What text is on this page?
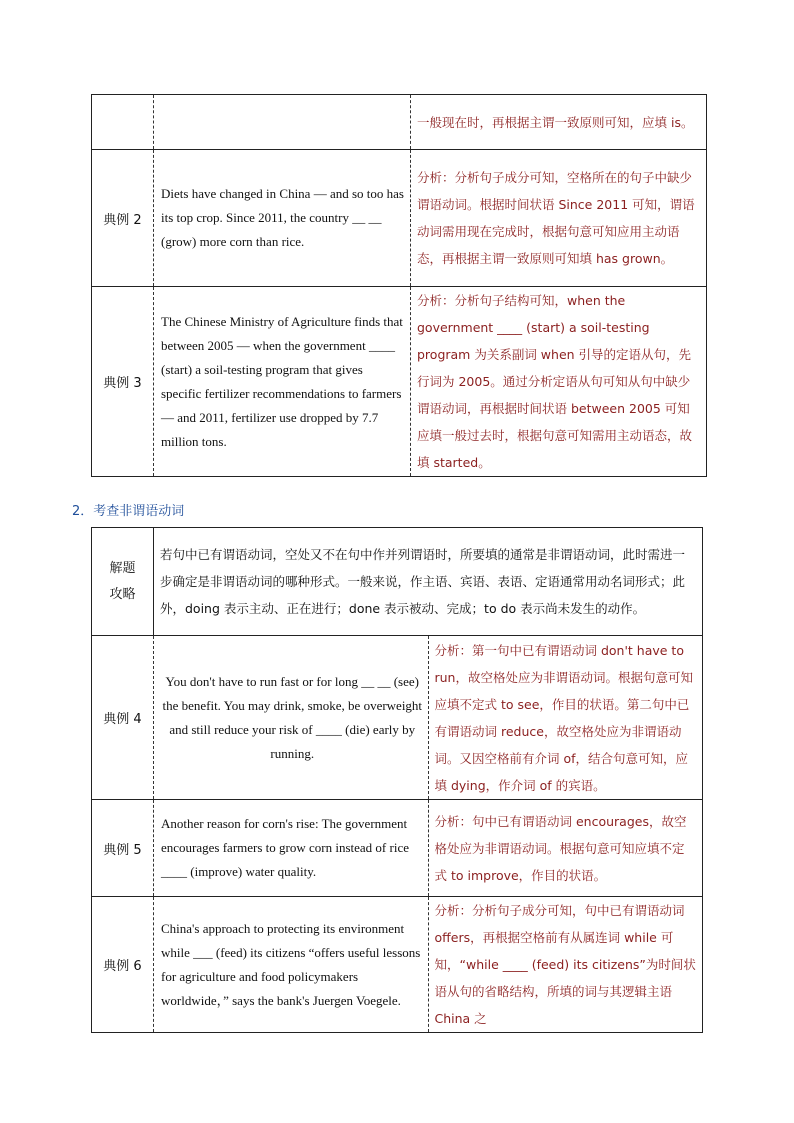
		一般现在时，再根据主谓一致原则可知，应填 is。

典例 2	Diets have changed in China — and so too has its top crop. Since 2011, the country __ __ (grow) more corn than rice.	分析：分析句子成分可知，空格所在的句子中缺少谓语动词。根据时间状语 Since 2011 可知，谓语动词需用现在完成时，根据句意可知应用主动语态，再根据主谓一致原则可知填 has grown。

典例 3	The Chinese Ministry of Agriculture finds that between 2005 — when the government ____ (start) a soil-testing program that gives specific fertilizer recommendations to farmers — and 2011, fertilizer use dropped by 7.7 million tons.	分析：分析句子结构可知，when the government ____ (start) a soil-testing program 为关系副词 when 引导的定语从句，先行词为 2005。通过分析定语从句可知从句中缺少谓语动词，再根据时间状语 between 2005 可知应填一般过去时，根据句意可知需用主动语态，故填 started。
2．考查非谓语动词
解题攻略	若句中已有谓语动词，空处又不在句中作并列谓语时，所要填的通常是非谓语动词，此时需进一步确定是非谓语动词的哪种形式。一般来说，作主语、宾语、表语、定语通常用动名词形式；此外，doing 表示主动、正在进行；done 表示被动、完成；to do 表示尚未发生的动作。	

典例 4	You don't have to run fast or for long __ __ (see) the benefit. You may drink, smoke, be overweight and still reduce your risk of ____ (die) early by running.	分析：第一句中已有谓语动词 don't have to run，故空格处应为非谓语动词。根据句意可知应填不定式 to see，作目的状语。第二句中已有谓语动词 reduce，故空格处应为非谓语动词。又因空格前有介词 of，结合句意可知，应填 dying，作介词 of 的宾语。

典例 5	Another reason for corn's rise: The government encourages farmers to grow corn instead of rice ____ (improve) water quality.	分析：句中已有谓语动词 encourages，故空格处应为非谓语动词。根据句意可知应填不定式 to improve，作目的状语。

典例 6	China's approach to protecting its environment while ___ (feed) its citizens “offers useful lessons for agriculture and food policymakers worldwide，” says the bank's Juergen Voegele.	分析：分析句子成分可知，句中已有谓语动词 offers，再根据空格前有从属连词 while 可知，“while ____ (feed) its citizens”为时间状语从句的省略结构，所填的词与其逻辑主语 China 之
